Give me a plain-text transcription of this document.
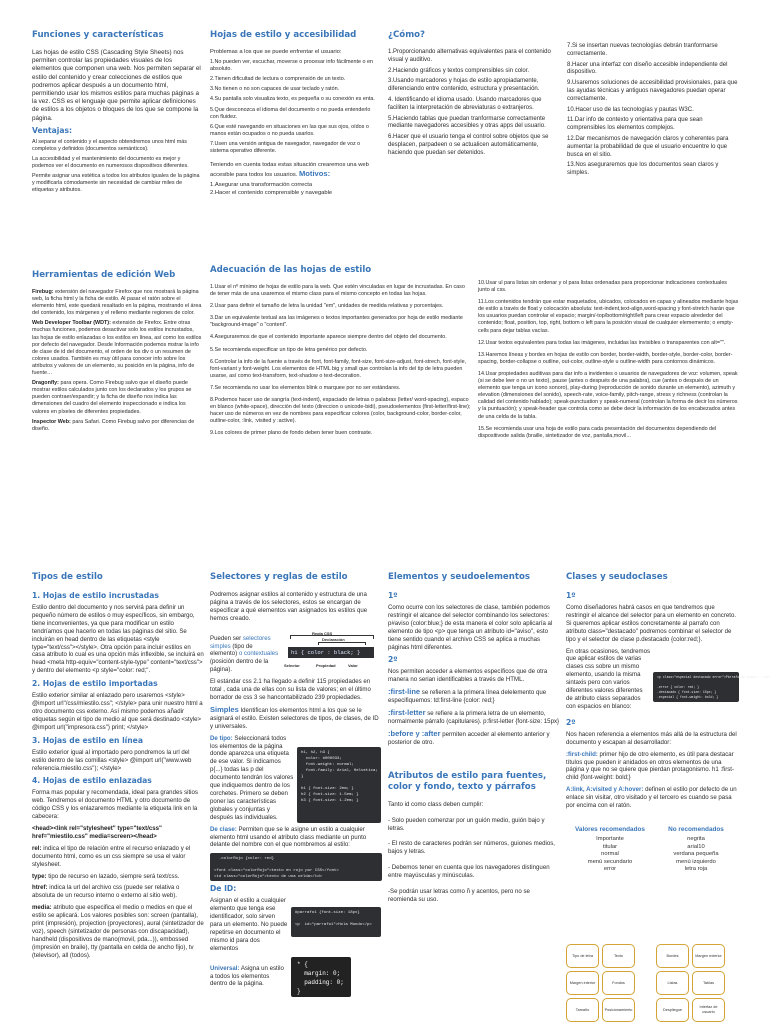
Funciones y características

Las hojas de estilo CSS (Cascading Style Sheets) nos permiten controlar las propiedades visuales de los elementos que componen una web. Nos permiten separar el estilo del contenido y crear colecciones de estilos que podremos aplicar después a un documento html, permitiendo usar los mismos estilos para muchas páginas a la vez. CSS es el lenguaje que permite aplicar definiciones de estilos a los objetos o bloques de los que se compone la página.

Ventajas:

Al separar el contenido y el aspecto obtendremos unos html más completos y definidos (documentos semánticos).

La accesibilidad y el mantenimiento del documento es mejor y podemos ver el documento en numerosos dispositivos diferentes.

Permite asignar una estética a todos los atributos iguales de la página y modificarla cómodamente sin necesidad de cambiar miles de etiquetas y atributos.

Hojas de estilo y accesibilidad

Problemas a los que se puede enfrentar el usuario:

1.No pueden ver, escuchar, moverse o procesar info fácilmente o en absoluto.

2.Tienen dificultad de lectura o comprensión de un texto.

3.No tienen o no son capaces de usar teclado y ratón.

4.Su pantalla solo visualiza texto, es pequeña o su conexión es enta.

5.Que desconozca el idioma del documento o no pueda entenderlo con fluidez.

6.Que esté navegando en situaciones en las que sus ojos, oídos o manos están ocupados o no pueda usarlos.

7.Usen una versión antigua de navegador, navegador de voz o sistema operativo diferente.

Teniendo en cuenta todas estas situación crearemos una web accesible para todos los usuarios. Motivos:

1.Asegurar una transformación correcta

2.Hacer el contenido comprensible y navegable

¿Cómo?

1.Proporcionando alternativas equivalentes para el contenido visual y auditivo.

2.Haciendo gráficos y textos comprensibles sin color.

3.Usando marcadores y hojas de estilo apropiadamente, diferenciando entre contenido, estructura y presentación.

4. Identificando el idioma usado. Usando marcadores que faciliten la interpretación de abreviaturas o extranjeros.

5.Haciendo tablas que puedan tranformarse correctamente mediante navegadores accesibles y otras apps del usuario.

6.Hacer que el usuario tenga el control sobre objetos que se desplacen, parpadeen o se actualicen automáticamente, haciendo que puedan ser detenidos.

7.Si se insertan nuevas tecnologías debrán tranformarse correctamente.

8.Hacer una interfaz con diseño accesible independiente del dispositivo.

9.Usaremos soluciones de accesibilidad provisionales, para que las ayudas técnicas y antiguos navegadores puedan operar correctamente.

10.Hacer uso de las tecnologías y pautas W3C.

11.Dar info de contexto y orientativa para que sean comprensibles los elementos complejos.

12.Dar mecanismos de navegación claros y coherentes para aumentar la probabilidad de que el usuario encuentre lo que busca en el sitio.

13.Nos aseguraremos que los documentos sean claros y simples.

Herramientas de edición Web

Firebug: extensión del navegador Firefox que nos mostrará la página web, la ficha html y la ficha de estilo. Al pasar el ratón sobre el elemento html, este quedará resaltado en la página, mostrando el área del contenido, los márgenes y el relleno mediante regiones de color.

Web Developer Toolbar (WDT): extensión de Firefox. Entre otras muchas funciones, podemos desactivar solo los estilos incrustados, las hojas de estilo enlazadas o los estilos en línea, así como los estilos por defecto del navegador. Desde Información podemos mstrar la info de clase de id del documento, el orden de los div o un resumen de colores usados. También es muy útil para conocer info sobre los atributos y valores de un elemento, su posición en la página, info de fuente…

Dragonfly: para opera. Como Firebug salvo que el diseño puede mostrar estilos calculados junto con los declarados y los grupos se pueden contraer/expandir; y la ficha de diseño nos indica las dimensiones del cuadro del elemento inspeccionado e indica los valores en píxeles de diferentes propiedades.

Inspector Web: para Safari. Como Firebug salvo por diferencias de diseño.

Adecuación de las hojas de estilo

1.Usar el nº mínimo de hojas de estilo para la web. Que estén vinculadas en lugar de incrustadas. En caso de tener más de una usaremos el mismo class para el mismo concepto en todas las hojas.

2.Usar para definir el tamaño de letra la unidad "em", unidades de medida relativas y porcentajes.

3.Dar un equivalente textual ara las imágenes o textos importantes generados por hoja de estilo mediante "background-image" o "content".

4.Aseguraremos de que el contenido importante aparece siempre dentro del objeto del documento.

5.Se recomienda especificar un tipo de letra genérico por defecto.

6.Controlar la info de la fuente a través de font, font-family, font-size, font-size-adjust, font-strech, font-style, font-variant y font-weight. Los elementos de HTML big y small que controlan la info del tip de letra pueden usarse, así como text-transform, text-shadow o text-decoration.

7.Se recomienda no usar los elementos blink o marquee por no ser estándares.

8.Podemos hacer uso de sangría (text-indent), espaciado de letras o palabras (letter/ word-spacing), espaco en blanco (white-space), dirección del texto (direccion o unicode-bidi), pseudoelementos (first-letter/first-line); hacer uso de números en vez de nombres para especificar colores (color, background-color, border-color, outline-color, :link, :visited y :active).

9.Los colores de primer plano de fondo deben tener buen contraste.

10.Usar ul para listas sin ordenar y ol para listas ordenadas para proporcionar indicaciones contextuales junto al css.

11.Los contenidos tendrán que estar maquetados, ubicados, colocados en capas y alineados mediante hojas de estilo a través de float y colocación absoluta: text-indent,text-align,word-spacing y font-stretch harán que los usuarios puedan controlar el espacio; margin/-top/bottom/right/left para crear espacio alrededor del contenido; float, position, top, right, bottom o left para la posición visual de cualquier elememento; o empty-cells para dejar tablas vacías.

12.Usar textos equivalentes para todas las imágenes, incluidas las invisibles o transparentes con alt="".

13.Haremos líneas y bordes en hojas de estilo con border, border-width, border-style, border-color, border-spacing, border-collapse o outline, out-color, outline-style u outline-width para contornos dinámicos.

14.Usar propiedades auditivas para dar info a invidentes o usuarios de navegadores de voz: volumen, speak (si se debe leer o no un texto), pause (antes o después de una palabra), cue (antes o después de un elemento que tenga un icono sonoro), play-during (reproducción de sonido durante un elemento), azimuth y elevation (dimensiones del sonido), speech-rate, voice-family, pitch-range, stress y richness (controlan la calidad del contenido hablado); speak-punctuation y speak-numeral (controlan la forma de decir los números y la puntuación); y speak-header que controla como se debe decir la información de los encabezados antes de una celda de la tabla.

15.Se recomienda usar una hoja de estilo para cada presentación del documentos dependiendo del dispositivode salida (braille, sintetizador de voz, pantalla,movil...

Tipos de estilo
1. Hojas de estilo incrustadas

Estilo dentro del documento y nos servirá para definir un pequeño número de estilos o muy específicos, sin embargo, tiene inconvenientes, ya que para modificar un estilo tendríamos que hacerlo en todas las páginas del sitio. Se incluirán en head dentro de las etiquetas <style type="text/css"></style>. Otra opción para incluir estilos en casa atributo lo cual es una opción más inflexible, se incluirá en head <meta http-equiv="content-style-type" content="text/css"> y dentro del elemento <p style="color: red;".

2. Hojas de estilo importadas

Estilo exterior similar al enlazado pero usaremos <style> @import url"/css/miestilo.css"; </style> para unir nuestro html a otro documento css externo. Así mismo podemos añadir etiquetas según el tipo de medio al que será destinado <style> @import url("impresora.css") print; </style>

3. Hojas de estilo en línea

Estilo exterior igual al importado pero pondremos la url del estilo dentro de las comillas <style> @import url("www.web referencia.miestilo.css"); </style>

4. Hojas de estilo enlazadas

Forma mas popular y recomendada, ideal para grandes sitios web. Tendremos el documento HTML y otro documento de código CSS y los enlazaremos mediante la etiqueta link en la cabecera:

<head><link rel="stylesheet" type="text/css" href="miestilo.css" media=screen></head>

rel: indica el tipo de relación entre el recurso enlazado y el documento html, como es un css siempre se usa el valor stylesheet.

type: tipo de recurso en lazado, siempre será text/css.

htref: indica la url del archivo css (puede ser relativa o absoluta de un recurso interno o externo al sitio web).

media: atributo que especifica el medio o medios en que el estilo se aplicará. Los valores posibles son: screen (pantalla), print (impresión), projection (proyectores), aural (sintetizador de voz), speech (sintetizador de personas con discapacidad), handheld (dispositivos de mano(movil, pda...)), embossed (impresión en braile), tty (pantalla en celda de ancho fijo), tv (televisor), all (todos).

Selectores y reglas de estilo

Podremos asignar estilos al contenido y estructura de una página a través de los selectores, estos se encargan de especificar a qué elementos van asignados los estilos que hemos creado.

Pueden ser selectores simples (tipo de elemento) o contextuales (posición dentro de la página).

Regla CSS
Declaración
h1 { color : black; }
Selector	Propiedad	Valor

El estándar css 2.1 ha llegado a definir 115 propiedades en total , cada una de ellas con su lista de valores; en el último borrador de css 3 se hancontabilizado 239 propiedades.

Simples Identifican los elementos html a los que se le asignará el estilo. Existen selectores de tipos, de clases, de ID y universales.

De tipo: Seleccionará todos los elementos de la página donde aparezca una etiqueta de ese valor. Si indicamos p{...} todas las p del documento tendrán los valores que indiquemos dentro de los corchetes. Primero se deben poner las características globales y conjuntas y después las individuales.

h1, h2, h3 {
color: #000033;
font-weight: normal;
font-family: Arial, Helvetica;
}

h1 { font-size: 2em; }
h2 { font-size: 1.5em; }
h3 { font-size: 1.2em; }

De clase: Permiten que se le asigne un estilo a cualquier elemento html usando el atributo class mediante un punto delante del nombre con el que nombremos al estilo:

.colorRojo {color: red}

<font class="colorRojo">texto en rojo por CSS</font>
<td class="colorRojo">texto de una celda</td>
De ID:

Asignan el estilo a cualquier elemento que tenga ese identificador, solo sirven para un elemento. No puede repetirse en documento el mismo id para dos elementos

#parrafo1 {font-size: 18px}

<p  id="parrafo1">Hola Mundo</p>

Universal: Asigna un estilo a todos los elementos dentro de la página.

* {
margin: 0;
padding: 0;
}
Elementos y seudoelementos
1º

Como ocurre con los selectores de clase, también podemos restringir el alcance del selector combinando los selectores: p#aviso {color:blue;} de esta manera el color solo aplicaría al elemento de tipo <p> que tenga un atributo id="aviso", esto tiene sentido cuando el archivo CSS se aplica a muchas páginas html diferentes.

2º

Nos permiten acceder a elementos específicos que de otra manera no serian identificables a través de HTML.

:first-line se refieren a la primera línea delelemento que especifiquemos: td:first-line {color: red;}

:first-letter se refiere a la primera letra de un elemento, normalmente párrafo (capitulares). p:first-letter {font-size: 15px}

:before y :after permiten acceder al elemento anterior y posterior de otro.

Atributos de estilo para fuentes, color y fondo, texto y párrafos

Tanto id como class deben cumplir:

- Solo pueden comenzar por un guión medio, guión bajo y letras.

- El resto de caracteres podrán ser números, guiones medios, bajos y letras.

- Debemos tener en cuenta que los navegadores distinguen entre mayúsculas y minúsculas.

-Se podrán usar letras como ñ y acentos, pero no se reomienda su uso.

Clases y seudoclases
1º

Como diseñadores habrá casos en que tendremos que restringir el alcance del selector para un elemento en concreto. Si queremos aplicar estilos concretamente al parrafo con atributo class="destacado" podremos combinar el selector de tipo y el selector de clase p.destacado {color:red;}.

En otras ocasiones, tendremos que aplicar estilos de varias clases css sobre un mismo elemento, usando la misma sintaxis pero con varios diferentes valores diferentes de atributo class separados con espacios en blanco:

<p class="especial destacado error">Párrafo de texto...</p>

.error { color: red; }
.destacado { font-size: 15px; }
.especial { font-weight: bold; }
2º

Nos hacen referencia a elementos más allá de la estructura del documento y escapan al desarrollador:

:first-child: primer hijo de otro elemento, es útil para destacar títulos que pueden ir anidados en otros elementos de una página y que no se quiere que pierdan protagonismo. h1 :first-child {font-weight: bold;}

A:link, A:visited y A:hover: definen el estilo por defecto de un enlace sin visitar, otro visitado y el tercero es cuando se pasa por encima con el ratón.

Valores recomendados
Importante
titular
normal
menú secundario
error
No recomendados
negrita
arial10
verdana pequeña
menú izquierdo
letra roja
Tipo de letra	Texto	Bordes	Margen exterior
Margen interior	Fondos	Listas	Tablas
Tamaño	Posicionamiento	Despliegue
Interfaz de usuario
